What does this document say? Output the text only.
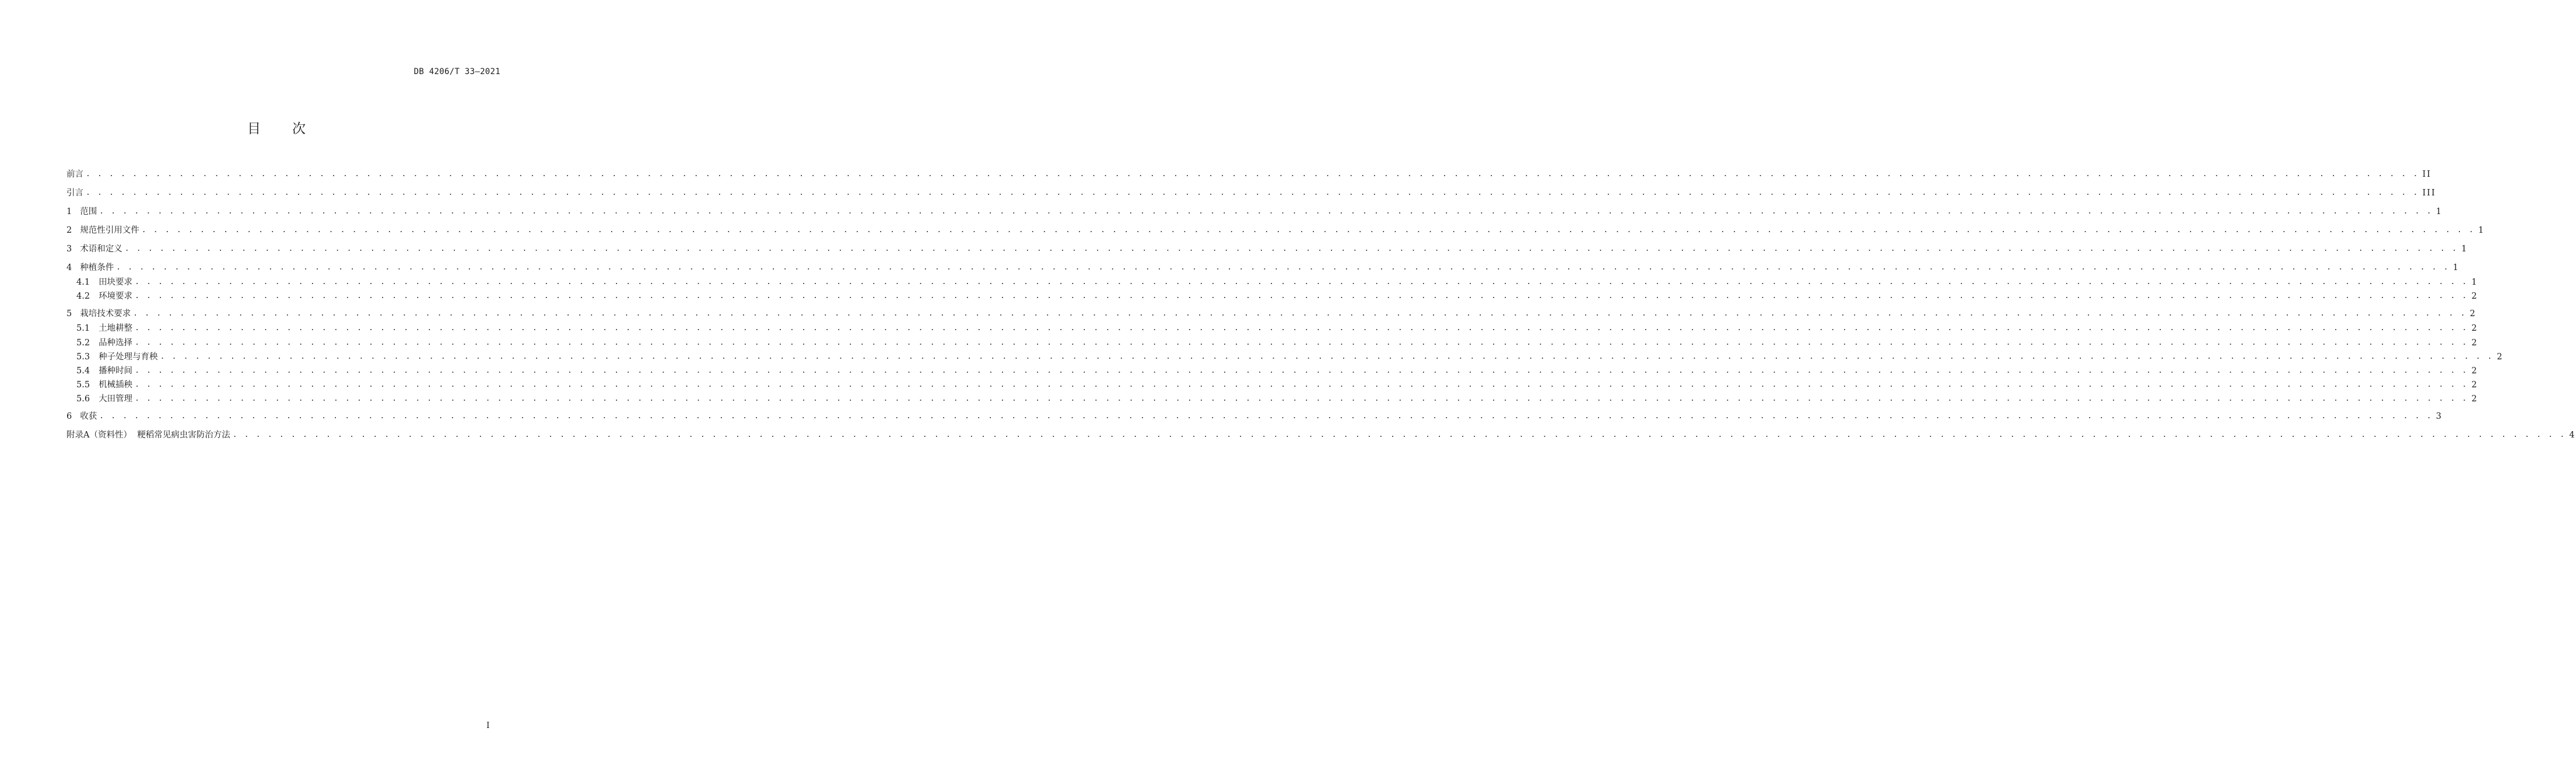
DB 4206/T 33—2021
目 次
前言 . . . . . . . . . . . . . . . . . . . . . . . . . . . . . . . . . . . . . . . . . . . . . . . . . . . . . . . . . . . . . . . . . . . . . . . . . . . . . . . . . . . . . . . . . . . . . . . . . . . . . . . . . . . . . . . . . . . . . . . . . . . . . . . . . . . . . . . . . . . . . . . . . . . . . . . . . . . . . . . . . . . . . . . . . . . . . . . . . . . . . . . . . . . . . . . . . . . . . . . . II
引言 . . . . . . . . . . . . . . . . . . . . . . . . . . . . . . . . . . . . . . . . . . . . . . . . . . . . . . . . . . . . . . . . . . . . . . . . . . . . . . . . . . . . . . . . . . . . . . . . . . . . . . . . . . . . . . . . . . . . . . . . . . . . . . . . . . . . . . . . . . . . . . . . . . . . . . . . . . . . . . . . . . . . . . . . . . . . . . . . . . . . . . . . . . . . . . . . . . . . . . . . III
1 范围 . . . . . . . . . . . . . . . . . . . . . . . . . . . . . . . . . . . . . . . . . . . . . . . . . . . . . . . . . . . . . . . . . . . . . . . . . . . . . . . . . . . . . . . . . . . . . . . . . . . . . . . . . . . . . . . . . . . . . . . . . . . . . . . . . . . . . . . . . . . . . . . . . . . . . . . . . . . . . . . . . . . . . . . . . . . . . . . . . . . . . . . . . . . . . . . . . . . . . . . . 1
2 规范性引用文件 . . . . . . . . . . . . . . . . . . . . . . . . . . . . . . . . . . . . . . . . . . . . . . . . . . . . . . . . . . . . . . . . . . . . . . . . . . . . . . . . . . . . . . . . . . . . . . . . . . . . . . . . . . . . . . . . . . . . . . . . . . . . . . . . . . . . . . . . . . . . . . . . . . . . . . . . . . . . . . . . . . . . . . . . . . . . . . . . . . . . . . . . . . . . . . . . . . . . . . . . 1
3 术语和定义 . . . . . . . . . . . . . . . . . . . . . . . . . . . . . . . . . . . . . . . . . . . . . . . . . . . . . . . . . . . . . . . . . . . . . . . . . . . . . . . . . . . . . . . . . . . . . . . . . . . . . . . . . . . . . . . . . . . . . . . . . . . . . . . . . . . . . . . . . . . . . . . . . . . . . . . . . . . . . . . . . . . . . . . . . . . . . . . . . . . . . . . . . . . . . . . . . . . . . . . . 1
4 种植条件 . . . . . . . . . . . . . . . . . . . . . . . . . . . . . . . . . . . . . . . . . . . . . . . . . . . . . . . . . . . . . . . . . . . . . . . . . . . . . . . . . . . . . . . . . . . . . . . . . . . . . . . . . . . . . . . . . . . . . . . . . . . . . . . . . . . . . . . . . . . . . . . . . . . . . . . . . . . . . . . . . . . . . . . . . . . . . . . . . . . . . . . . . . . . . . . . . . . . . . . . 1
4.1 田块要求 . . . . . . . . . . . . . . . . . . . . . . . . . . . . . . . . . . . . . . . . . . . . . . . . . . . . . . . . . . . . . . . . . . . . . . . . . . . . . . . . . . . . . . . . . . . . . . . . . . . . . . . . . . . . . . . . . . . . . . . . . . . . . . . . . . . . . . . . . . . . . . . . . . . . . . . . . . . . . . . . . . . . . . . . . . . . . . . . . . . . . . . . . . . . . . . . . . . . . . . . 1
4.2 环境要求 . . . . . . . . . . . . . . . . . . . . . . . . . . . . . . . . . . . . . . . . . . . . . . . . . . . . . . . . . . . . . . . . . . . . . . . . . . . . . . . . . . . . . . . . . . . . . . . . . . . . . . . . . . . . . . . . . . . . . . . . . . . . . . . . . . . . . . . . . . . . . . . . . . . . . . . . . . . . . . . . . . . . . . . . . . . . . . . . . . . . . . . . . . . . . . . . . . . . . . . . 2
5 栽培技术要求 . . . . . . . . . . . . . . . . . . . . . . . . . . . . . . . . . . . . . . . . . . . . . . . . . . . . . . . . . . . . . . . . . . . . . . . . . . . . . . . . . . . . . . . . . . . . . . . . . . . . . . . . . . . . . . . . . . . . . . . . . . . . . . . . . . . . . . . . . . . . . . . . . . . . . . . . . . . . . . . . . . . . . . . . . . . . . . . . . . . . . . . . . . . . . . . . . . . . . . . . 2
5.1 土地耕整 . . . . . . . . . . . . . . . . . . . . . . . . . . . . . . . . . . . . . . . . . . . . . . . . . . . . . . . . . . . . . . . . . . . . . . . . . . . . . . . . . . . . . . . . . . . . . . . . . . . . . . . . . . . . . . . . . . . . . . . . . . . . . . . . . . . . . . . . . . . . . . . . . . . . . . . . . . . . . . . . . . . . . . . . . . . . . . . . . . . . . . . . . . . . . . . . . . . . . . . . 2
5.2 品种选择 . . . . . . . . . . . . . . . . . . . . . . . . . . . . . . . . . . . . . . . . . . . . . . . . . . . . . . . . . . . . . . . . . . . . . . . . . . . . . . . . . . . . . . . . . . . . . . . . . . . . . . . . . . . . . . . . . . . . . . . . . . . . . . . . . . . . . . . . . . . . . . . . . . . . . . . . . . . . . . . . . . . . . . . . . . . . . . . . . . . . . . . . . . . . . . . . . . . . . . . . 2
5.3 种子处理与育秧 . . . . . . . . . . . . . . . . . . . . . . . . . . . . . . . . . . . . . . . . . . . . . . . . . . . . . . . . . . . . . . . . . . . . . . . . . . . . . . . . . . . . . . . . . . . . . . . . . . . . . . . . . . . . . . . . . . . . . . . . . . . . . . . . . . . . . . . . . . . . . . . . . . . . . . . . . . . . . . . . . . . . . . . . . . . . . . . . . . . . . . . . . . . . . . . . . . . . . . . . 2
5.4 播种时间 . . . . . . . . . . . . . . . . . . . . . . . . . . . . . . . . . . . . . . . . . . . . . . . . . . . . . . . . . . . . . . . . . . . . . . . . . . . . . . . . . . . . . . . . . . . . . . . . . . . . . . . . . . . . . . . . . . . . . . . . . . . . . . . . . . . . . . . . . . . . . . . . . . . . . . . . . . . . . . . . . . . . . . . . . . . . . . . . . . . . . . . . . . . . . . . . . . . . . . . . 2
5.5 机械插秧 . . . . . . . . . . . . . . . . . . . . . . . . . . . . . . . . . . . . . . . . . . . . . . . . . . . . . . . . . . . . . . . . . . . . . . . . . . . . . . . . . . . . . . . . . . . . . . . . . . . . . . . . . . . . . . . . . . . . . . . . . . . . . . . . . . . . . . . . . . . . . . . . . . . . . . . . . . . . . . . . . . . . . . . . . . . . . . . . . . . . . . . . . . . . . . . . . . . . . . . . 2
5.6 大田管理 . . . . . . . . . . . . . . . . . . . . . . . . . . . . . . . . . . . . . . . . . . . . . . . . . . . . . . . . . . . . . . . . . . . . . . . . . . . . . . . . . . . . . . . . . . . . . . . . . . . . . . . . . . . . . . . . . . . . . . . . . . . . . . . . . . . . . . . . . . . . . . . . . . . . . . . . . . . . . . . . . . . . . . . . . . . . . . . . . . . . . . . . . . . . . . . . . . . . . . . . 2
6 收获 . . . . . . . . . . . . . . . . . . . . . . . . . . . . . . . . . . . . . . . . . . . . . . . . . . . . . . . . . . . . . . . . . . . . . . . . . . . . . . . . . . . . . . . . . . . . . . . . . . . . . . . . . . . . . . . . . . . . . . . . . . . . . . . . . . . . . . . . . . . . . . . . . . . . . . . . . . . . . . . . . . . . . . . . . . . . . . . . . . . . . . . . . . . . . . . . . . . . . . . . 3
附录A（资料性）  粳稻常见病虫害防治方法 . . . . . . . . . . . . . . . . . . . . . . . . . . . . . . . . . . . . . . . . . . . . . . . . . . . . . . . . . . . . . . . . . . . . . . . . . . . . . . . . . . . . . . . . . . . . . . . . . . . . . . . . . . . . . . . . . . . . . . . . . . . . . . . . . . . . . . . . . . . . . . . . . . . . . . . . . . . . . . . . . . . . . . . . . . . . . . . . . . . . . . . . . . . . . . . . . . . . . . . . 4
I
